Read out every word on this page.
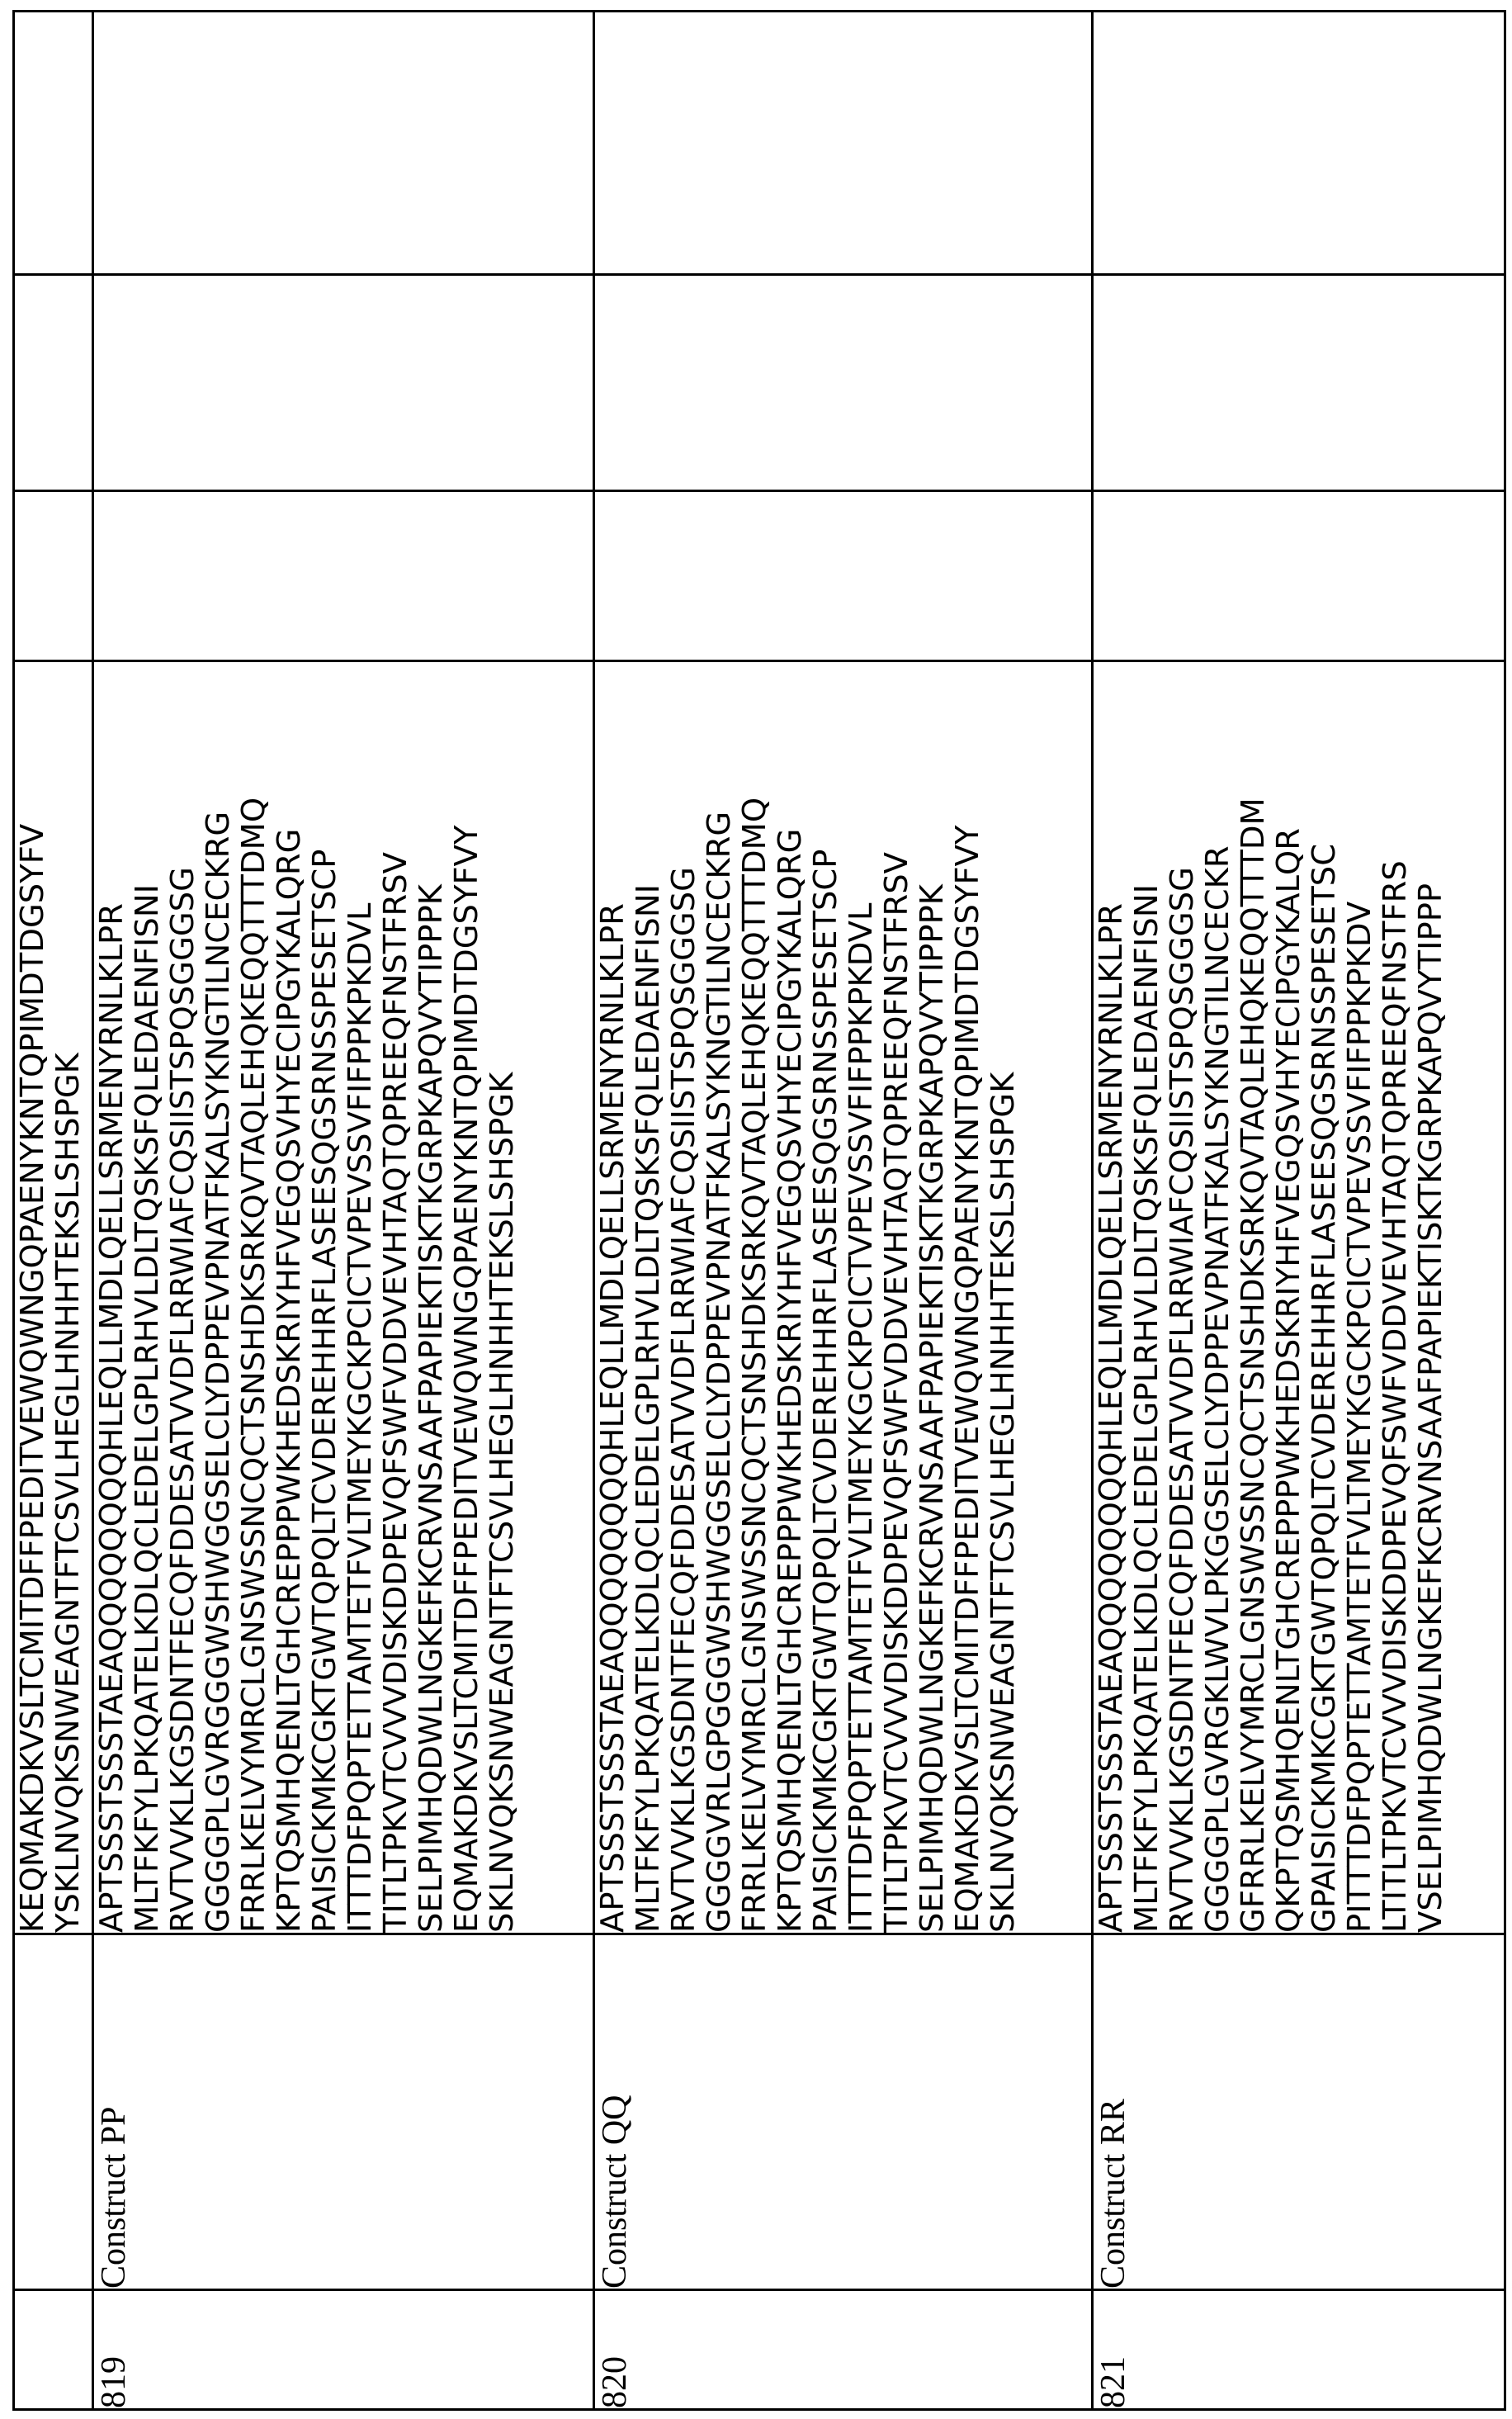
KEQMAKDKVSLTCMITDFFPEDITVEWQWNGQPAENYKNTQPIMDTDGSYFV
YSKLNVQKSNWEAGNTFTCSVLHEGLHNHHTEKSLSHSPGK

819	Construct PP	
APTSSSTSSSTAEAQQQQQQQQHLEQLLMDLQELLSRMENYRNLKLPR
MLTFKFYLPKQATELKDLQCLEDELGPLRHVLDLTQSKSFQLEDAENFISNI
RVTVVKLKGSDNTFECQFDDESATVVDFLRRWIAFCQSIISTSPQSGGGSG
GGGGPLGVRGGGWSHWGGSELCLYDPPEVPNATFKALSYKNGTILNCECKRG
FRRLKELVYMRCLGNSWSSNCQCTSNSHDKSRKQVTAQLEHQKEQQTTTDMQ
KPTQSMHQENLTGHCREPPPWKHEDSKRIYHFVEGQSVHYECIPGYKALQRG
PAISICKMKCGKTGWTQPQLTCVDEREHHRFLASEESQGSRNSSPESETSCP
ITTTDFPQPTETTAMTETFVLTMEYKGCKPCICTVPEVSSVFIFPPKPKDVL
TITLTPKVTCVVVDISKDDPEVQFSWFVDDVEVHTAQTQPREEQFNSTFRSV
SELPIMHQDWLNGKEFKCRVNSAAFPAPIEKTISKTKGRPKAPQVYTIPPPK
EQMAKDKVSLTCMITDFFPEDITVEWQWNGQPAENYKNTQPIMDTDGSYFVY
SKLNVQKSNWEAGNTFTCSVLHEGLHNHHTEKSLSHSPGK

820	Construct QQ	
APTSSSTSSSTAEAQQQQQQQQHLEQLLMDLQELLSRMENYRNLKLPR
MLTFKFYLPKQATELKDLQCLEDELGPLRHVLDLTQSKSFQLEDAENFISNI
RVTVVKLKGSDNTFECQFDDESATVVDFLRRWIAFCQSIISTSPQSGGGSG
GGGGVRLGPGGGWSHWGGSELCLYDPPEVPNATFKALSYKNGTILNCECKRG
FRRLKELVYMRCLGNSWSSNCQCTSNSHDKSRKQVTAQLEHQKEQQTTTDMQ
KPTQSMHQENLTGHCREPPPWKHEDSKRIYHFVEGQSVHYECIPGYKALQRG
PAISICKMKCGKTGWTQPQLTCVDEREHHRFLASEESQGSRNSSPESETSCP
ITTTDFPQPTETTAMTETFVLTMEYKGCKPCICTVPEVSSVFIFPPKPKDVL
TITLTPKVTCVVVDISKDDPEVQFSWFVDDVEVHTAQTQPREEQFNSTFRSV
SELPIMHQDWLNGKEFKCRVNSAAFPAPIEKTISKTKGRPKAPQVYTIPPPK
EQMAKDKVSLTCMITDFFPEDITVEWQWNGQPAENYKNTQPIMDTDGSYFVY
SKLNVQKSNWEAGNTFTCSVLHEGLHNHHTEKSLSHSPGK

821	Construct RR	
APTSSSTSSSTAEAQQQQQQQQHLEQLLMDLQELLSRMENYRNLKLPR
MLTFKFYLPKQATELKDLQCLEDELGPLRHVLDLTQSKSFQLEDAENFISNI
RVTVVKLKGSDNTFECQFDDESATVVDFLRRWIAFCQSIISTSPQSGGGSG
GGGGPLGVRGKLWVLPKGGSELCLYDPPEVPNATFKALSYKNGTILNCECKR
GFRRLKELVYMRCLGNSWSSNCQCTSNSHDKSRKQVTAQLEHQKEQQTTTDM
QKPTQSMHQENLTGHCREPPPWKHEDSKRIYHFVEGQSVHYECIPGYKALQR
GPAISICKMKCGKTGWTQPQLTCVDEREHHRFLASEESQGSRNSSPESETSC
PITTTDFPQPTETTAMTETFVLTMEYKGCKPCICTVPEVSSVFIFPPKPKDV
LTITLTPKVTCVVVDISKDDPEVQFSWFVDDVEVHTAQTQPREEQFNSTFRS
VSELPIMHQDWLNGKEFKCRVNSAAFPAPIEKTISKTKGRPKAPQVYTIPPP
